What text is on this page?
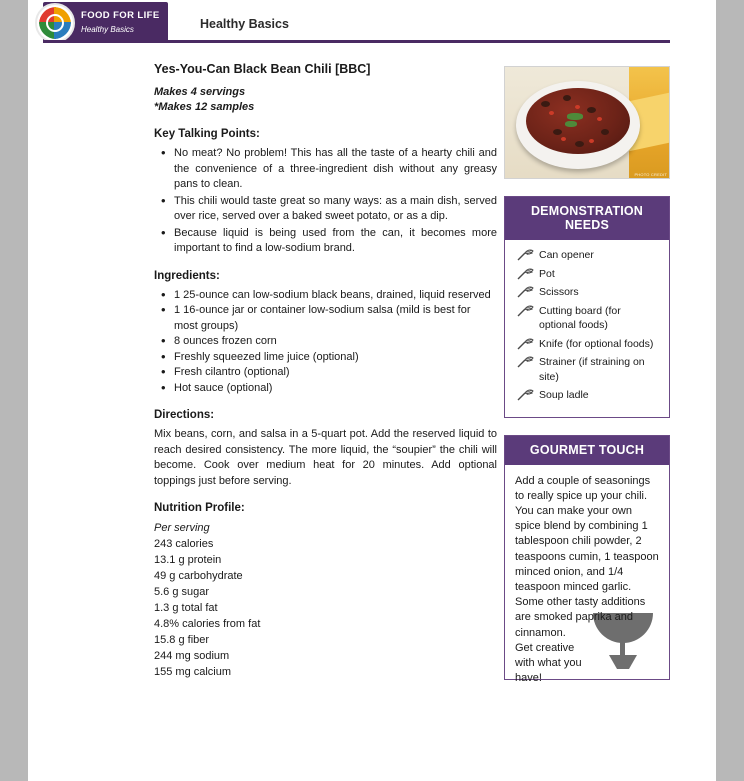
FOOD FOR LIFE
Healthy Basics	Healthy Basics
Yes-You-Can Black Bean Chili [BBC]
Makes 4 servings
*Makes 12 samples
Key Talking Points:
• No meat? No problem! This has all the taste of a hearty chili and the convenience of a three-ingredient dish without any greasy pans to clean.
• This chili would taste great so many ways: as a main dish, served over rice, served over a baked sweet potato, or as a dip.
• Because liquid is being used from the can, it becomes more important to find a low-sodium brand.
Ingredients:
• 1 25-ounce can low-sodium black beans, drained, liquid reserved
• 1 16-ounce jar or container low-sodium salsa (mild is best for most groups)
• 8 ounces frozen corn
• Freshly squeezed lime juice (optional)
• Fresh cilantro (optional)
• Hot sauce (optional)
Directions:

Mix beans, corn, and salsa in a 5-quart pot. Add the reserved liquid to reach desired consistency. The more liquid, the “soupier” the chili will become. Cook over medium heat for 20 minutes. Add optional toppings just before serving.

Nutrition Profile:
Per serving
243 calories
13.1 g protein
49 g carbohydrate
5.6 g sugar
1.3 g total fat
4.8% calories from fat
15.8 g fiber
244 mg sodium
155 mg calcium
PHOTO CREDIT
DEMONSTRATION NEEDS
Can opener
Pot
Scissors
Cutting board (for optional foods)
Knife (for optional foods)
Strainer (if straining on site)
Soup ladle
GOURMET TOUCH
Add a couple of seasonings to really spice up your chili. You can make your own spice blend by combining 1 tablespoon chili powder, 2 teaspoons cumin, 1 teaspoon minced onion, and 1/4 teaspoon minced garlic. Some other tasty additions are smoked paprika and cinnamon.
Get creative with what you have!
